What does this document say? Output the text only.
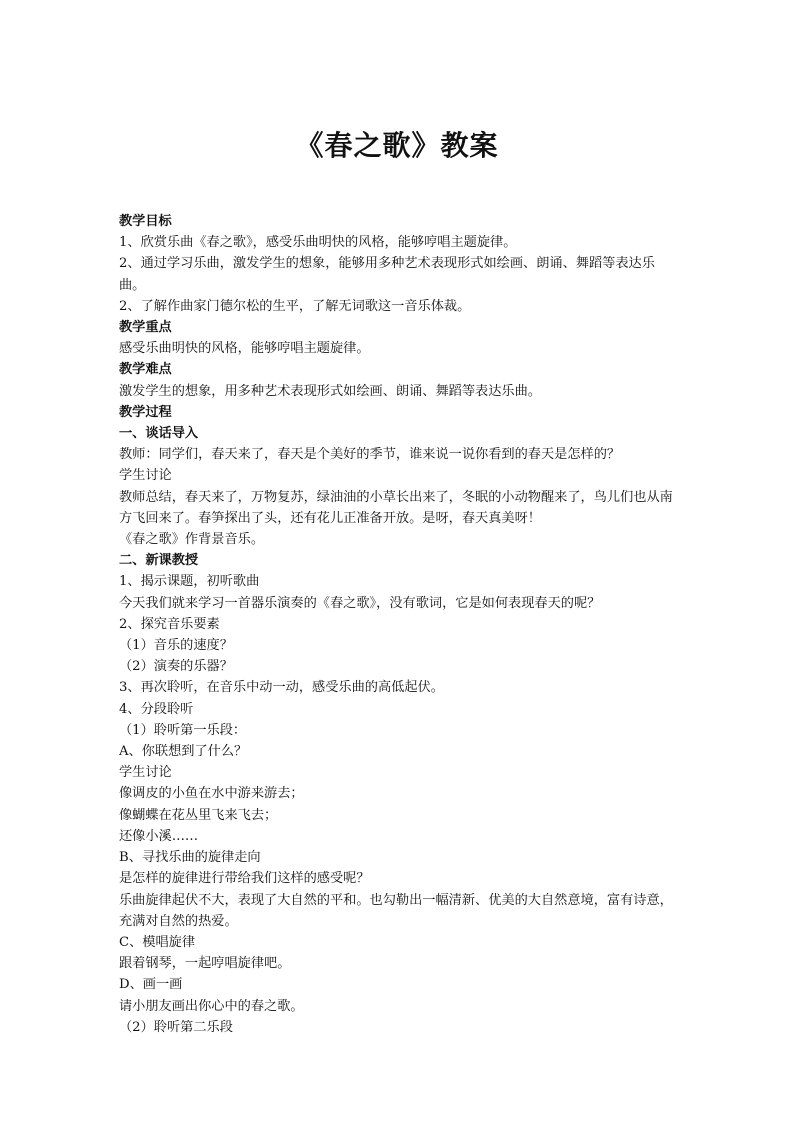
《春之歌》教案
教学目标
1、欣赏乐曲《春之歌》，感受乐曲明快的风格，能够哼唱主题旋律。
2、通过学习乐曲，激发学生的想象，能够用多种艺术表现形式如绘画、朗诵、舞蹈等表达乐曲。
2、了解作曲家门德尔松的生平，了解无词歌这一音乐体裁。
教学重点
感受乐曲明快的风格，能够哼唱主题旋律。
教学难点
激发学生的想象，用多种艺术表现形式如绘画、朗诵、舞蹈等表达乐曲。
教学过程
一、谈话导入
教师：同学们，春天来了，春天是个美好的季节，谁来说一说你看到的春天是怎样的？
学生讨论
教师总结，春天来了，万物复苏，绿油油的小草长出来了，冬眠的小动物醒来了，鸟儿们也从南方飞回来了。春笋探出了头，还有花儿正准备开放。是呀，春天真美呀！
《春之歌》作背景音乐。
二、新课教授
1、揭示课题，初听歌曲
今天我们就来学习一首器乐演奏的《春之歌》，没有歌词，它是如何表现春天的呢？
2、探究音乐要素
（1）音乐的速度？
（2）演奏的乐器？
3、再次聆听，在音乐中动一动，感受乐曲的高低起伏。
4、分段聆听
（1）聆听第一乐段：
A、你联想到了什么？
学生讨论
像调皮的小鱼在水中游来游去；
像蝴蝶在花丛里飞来飞去；
还像小溪……
B、寻找乐曲的旋律走向
是怎样的旋律进行带给我们这样的感受呢？
乐曲旋律起伏不大，表现了大自然的平和。也勾勒出一幅清新、优美的大自然意境，富有诗意，充满对自然的热爱。
C、模唱旋律
跟着钢琴，一起哼唱旋律吧。
D、画一画
请小朋友画出你心中的春之歌。
（2）聆听第二乐段
